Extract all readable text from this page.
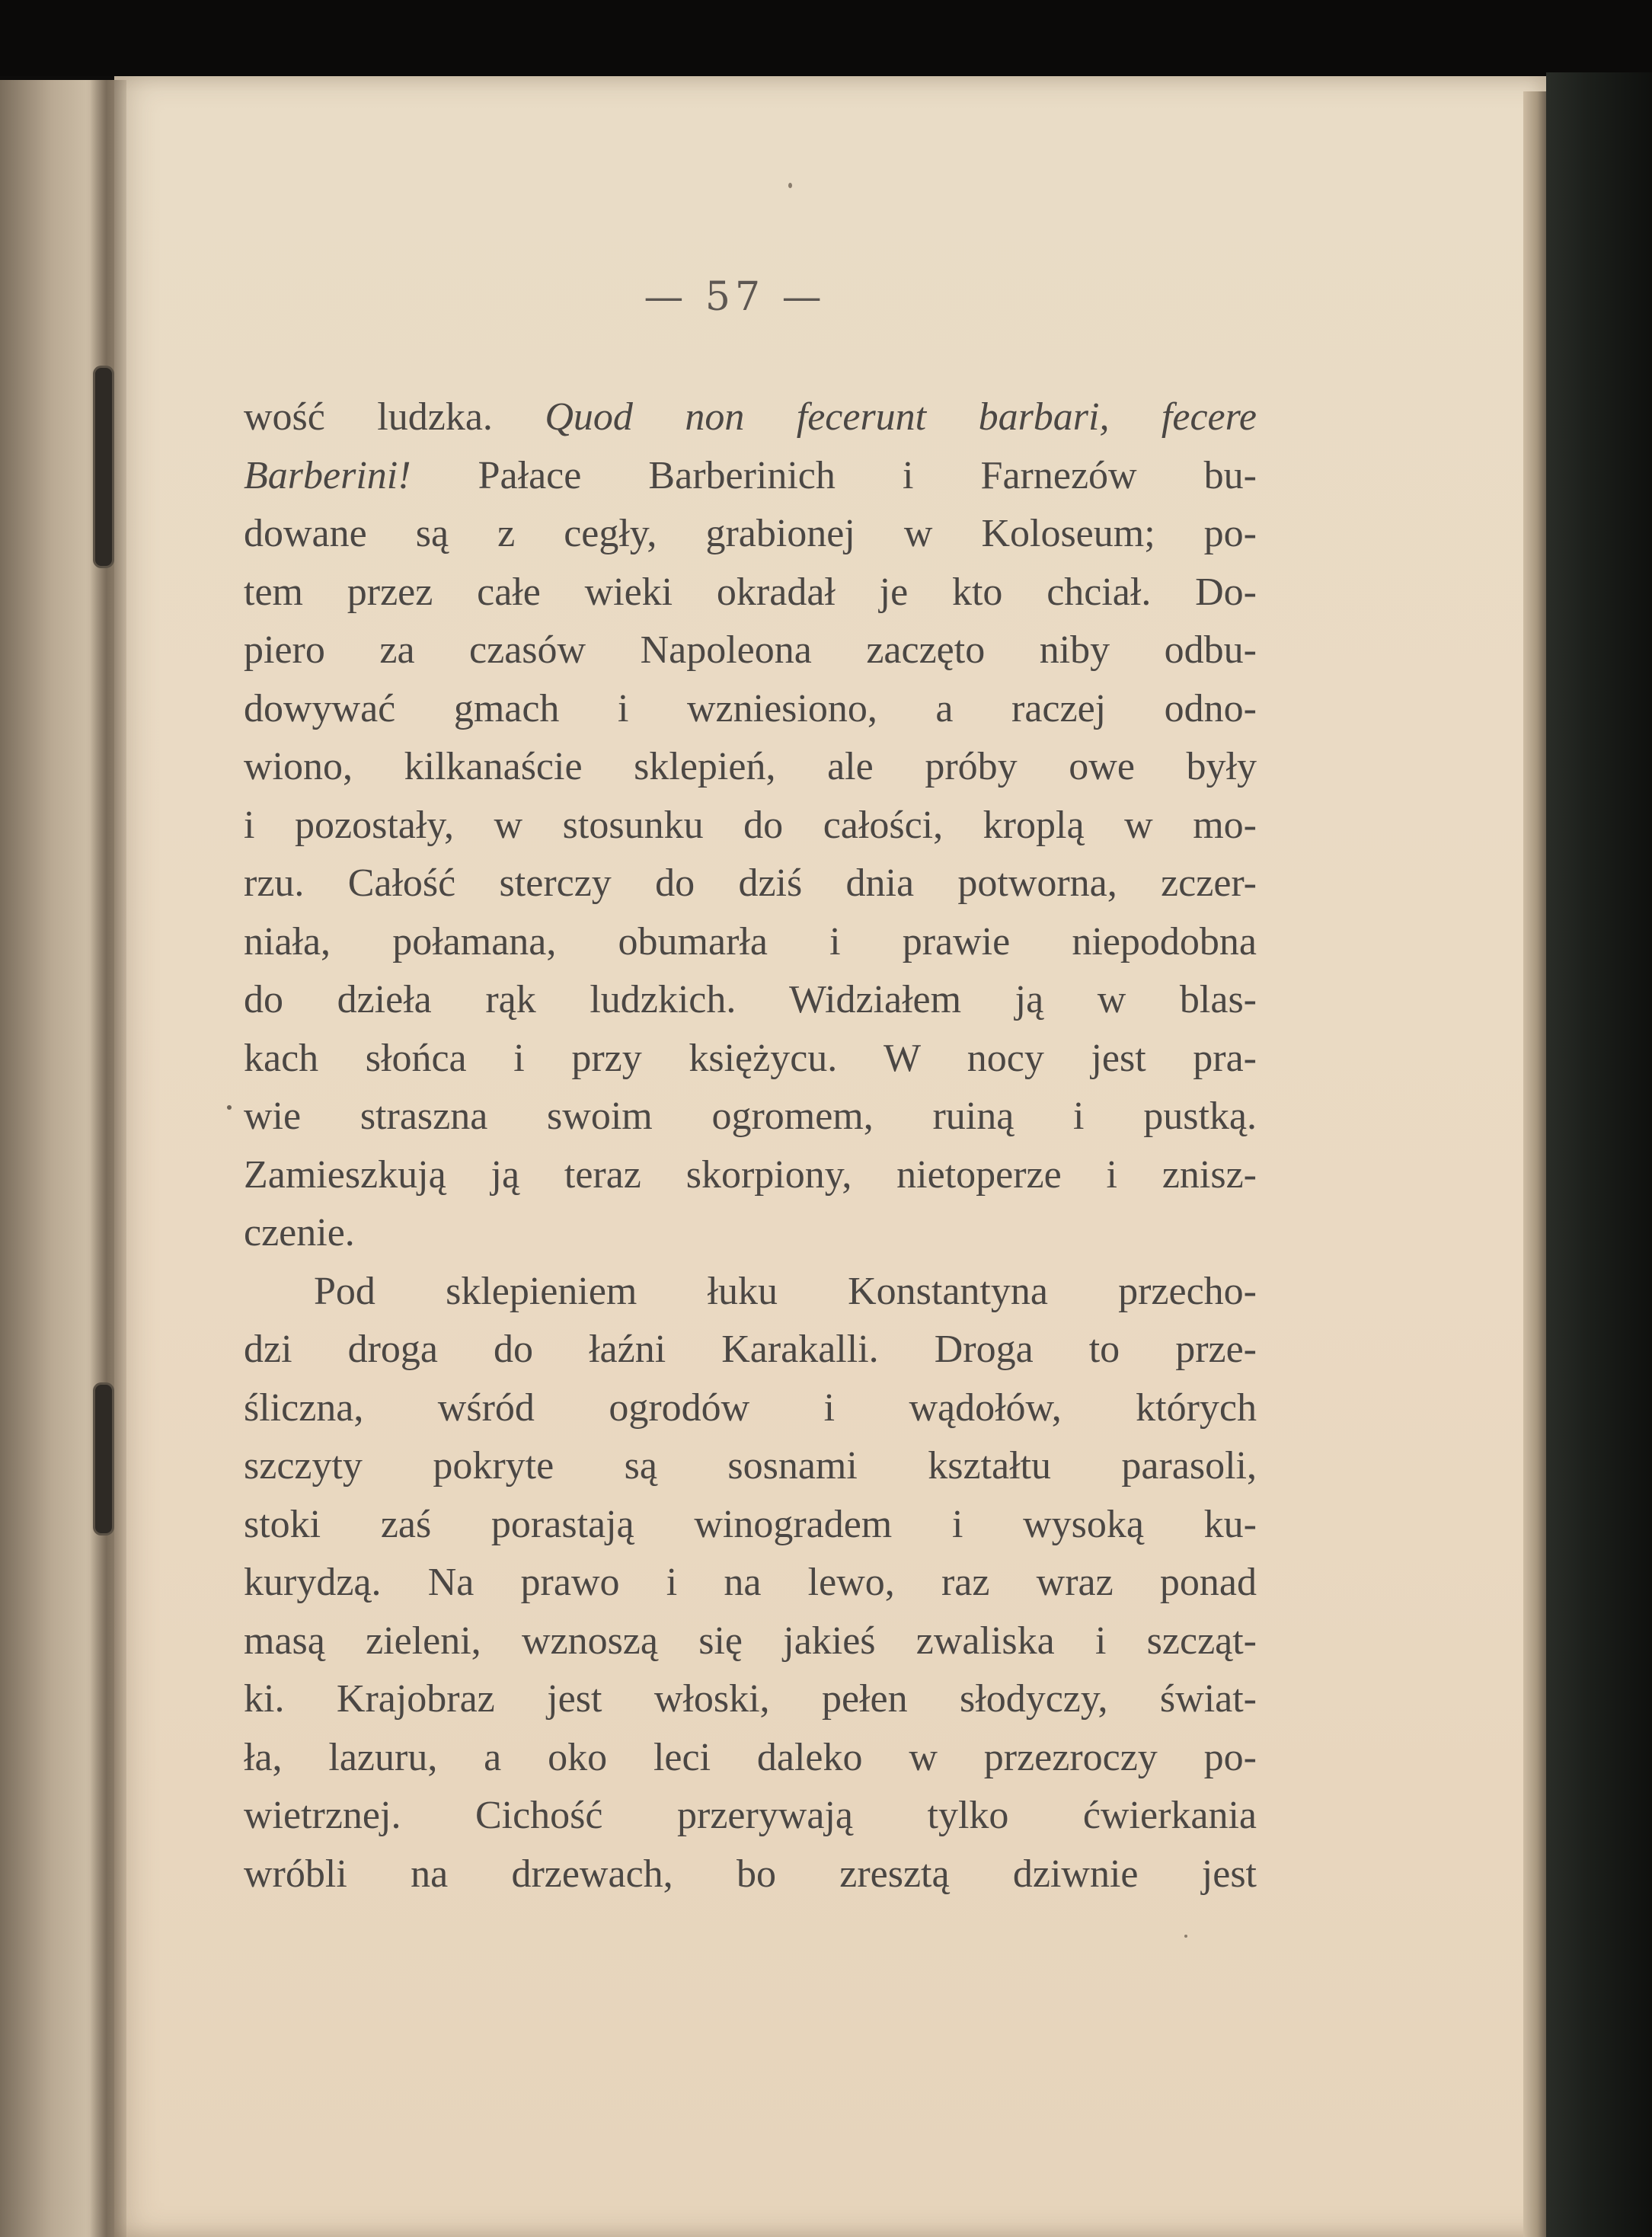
— 57 —
wość ludzka. Quod non fecerunt barbari, fecere
Barberini! Pałace Barberinich i Farnezów bu-
dowane są z cegły, grabionej w Koloseum; po-
tem przez całe wieki okradał je kto chciał. Do-
piero za czasów Napoleona zaczęto niby odbu-
dowywać gmach i wzniesiono, a raczej odno-
wiono, kilkanaście sklepień, ale próby owe były
i pozostały, w stosunku do całości, kroplą w mo-
rzu. Całość sterczy do dziś dnia potworna, zczer-
niała, połamana, obumarła i prawie niepodobna
do dzieła rąk ludzkich. Widziałem ją w blas-
kach słońca i przy księżycu. W nocy jest pra-
wie straszna swoim ogromem, ruiną i pustką.
Zamieszkują ją teraz skorpiony, nietoperze i znisz-
czenie.
Pod sklepieniem łuku Konstantyna przecho-
dzi droga do łaźni Karakalli. Droga to prze-
śliczna, wśród ogrodów i wądołów, których
szczyty pokryte są sosnami kształtu parasoli,
stoki zaś porastają winogradem i wysoką ku-
kurydzą. Na prawo i na lewo, raz wraz ponad
masą zieleni, wznoszą się jakieś zwaliska i szcząt-
ki. Krajobraz jest włoski, pełen słodyczy, świat-
ła, lazuru, a oko leci daleko w przezroczy po-
wietrznej. Cichość przerywają tylko ćwierkania
wróbli na drzewach, bo zresztą dziwnie jest
